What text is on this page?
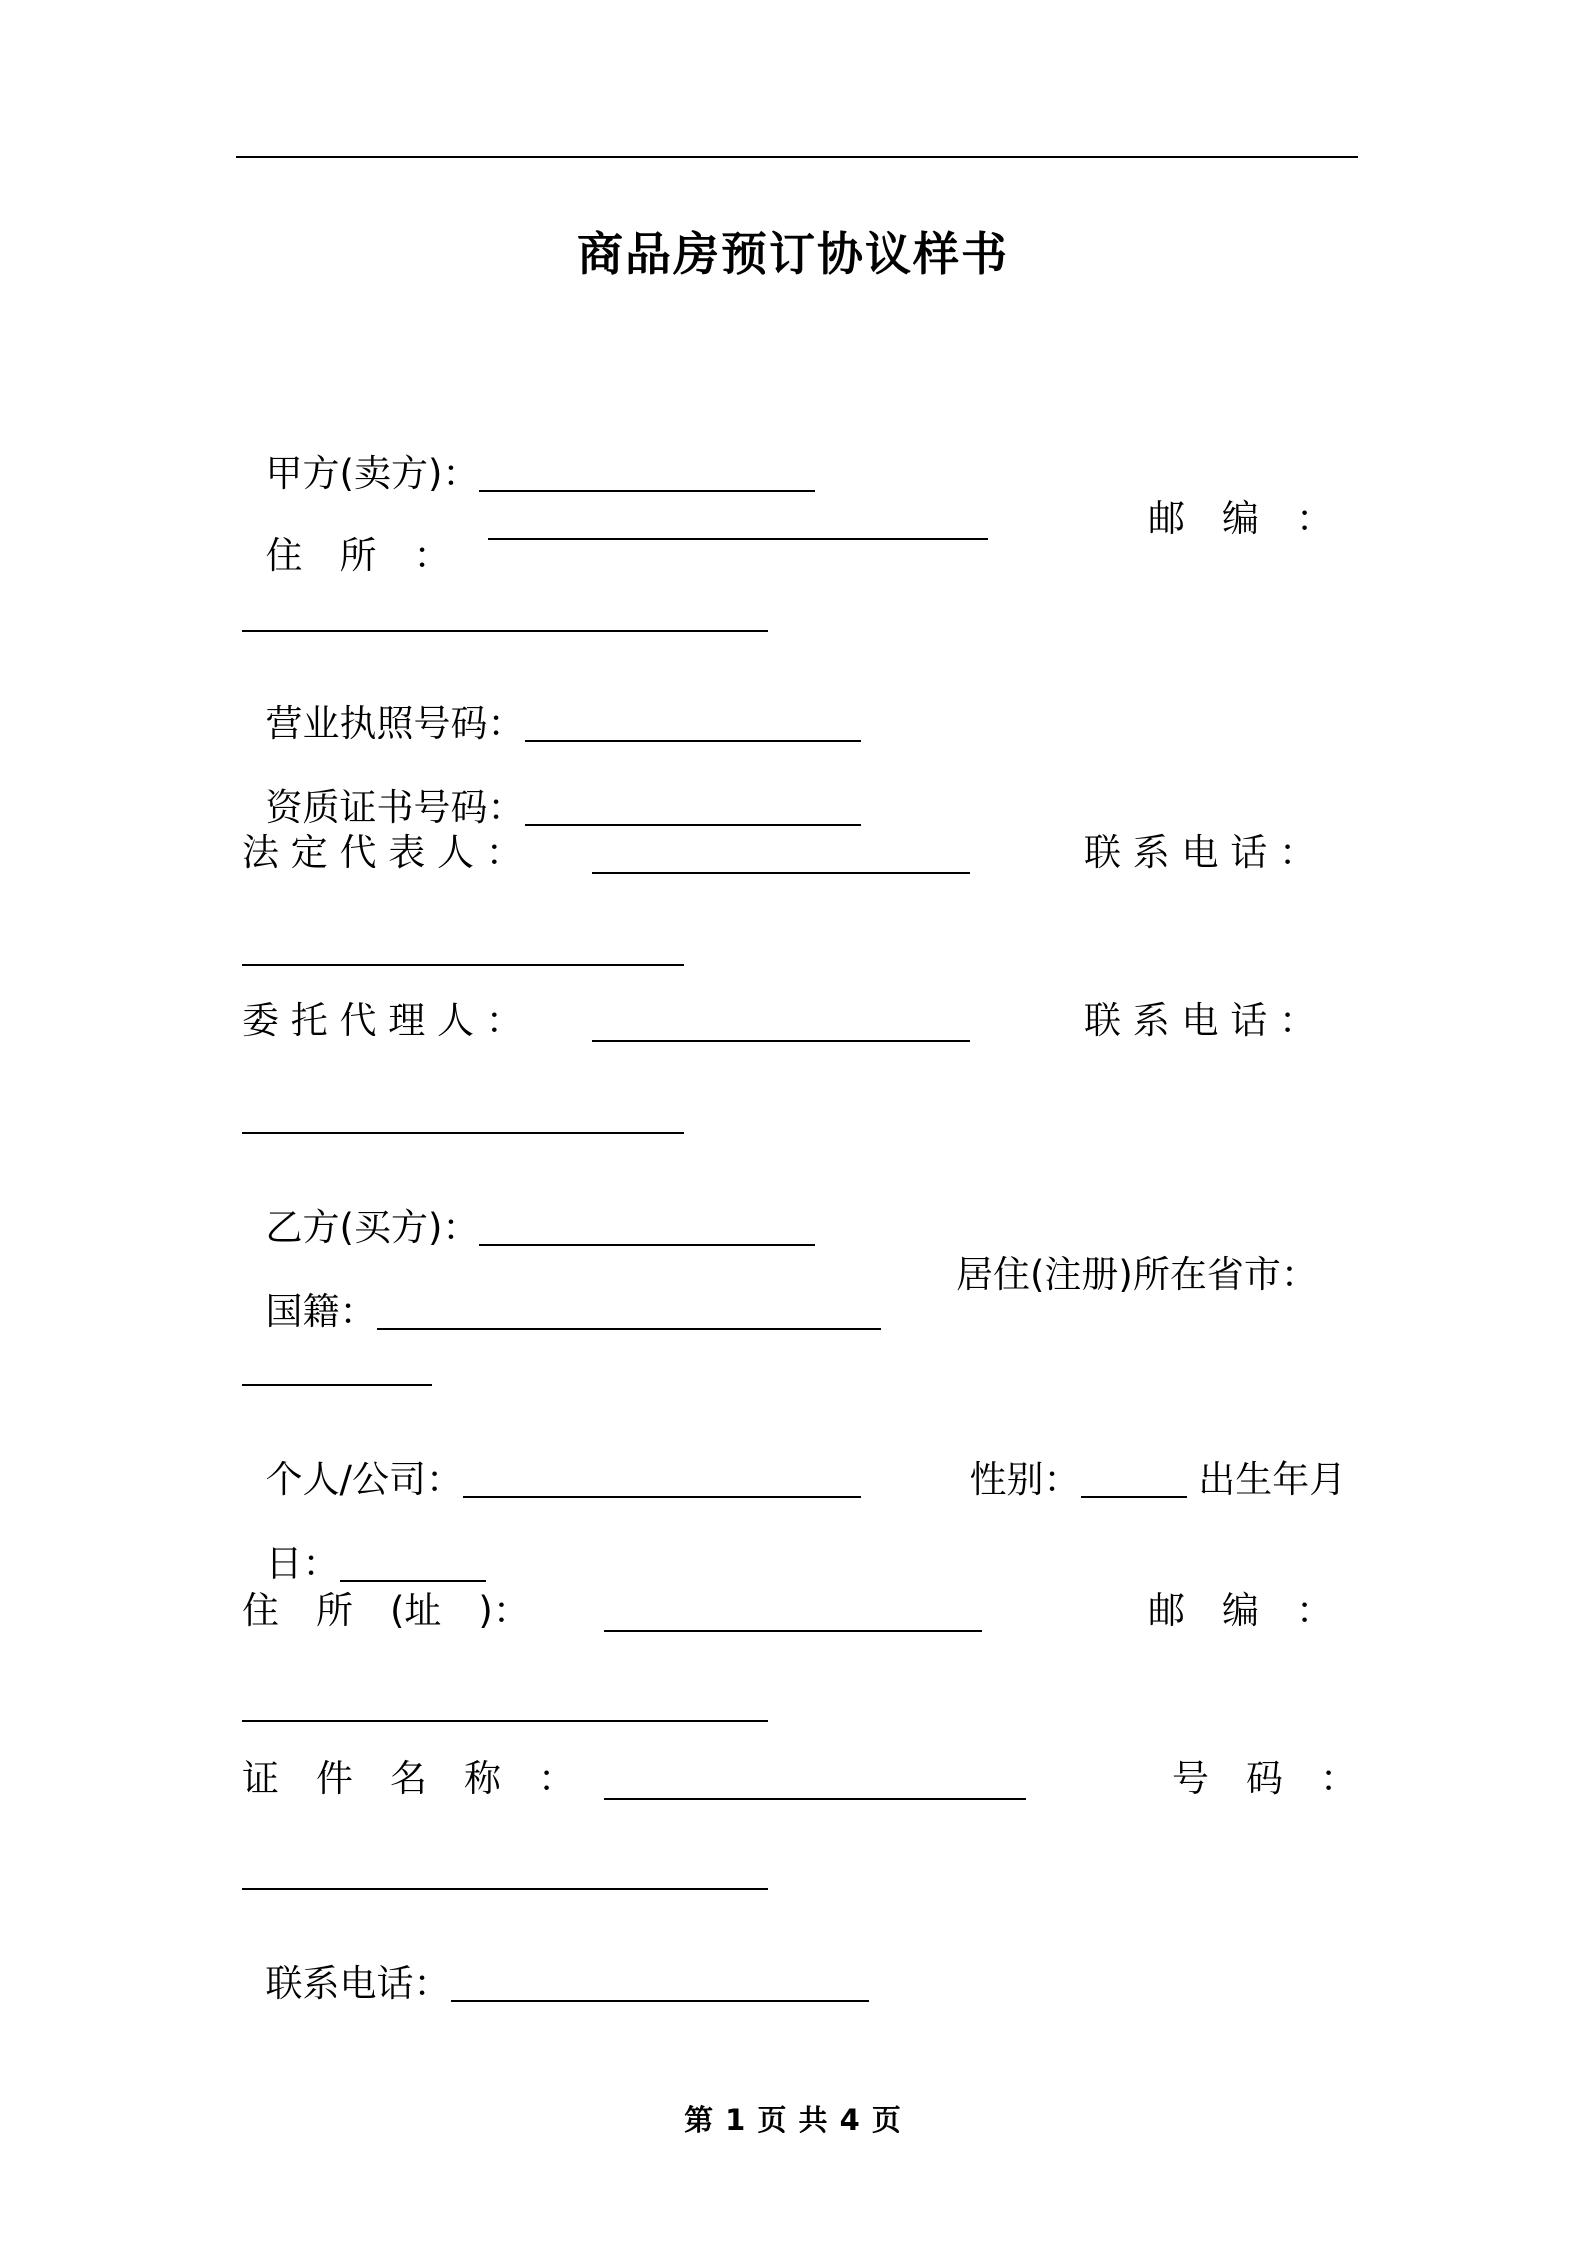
商品房预订协议样书

甲方(卖方)：

住　所　：

邮　编　：

营业执照号码：

资质证书号码：

法 定 代 表 人 ：	联 系 电 话 ：
委 托 代 理 人 ：	联 系 电 话 ：

乙方(买方)：

国籍：

居住(注册)所在省市：

个人/公司：	性别：	出生年月

日：

住　所　(址　)：	邮　编　：
证　件　名　称　：	号　码　：

联系电话：

第 1 页 共 4 页
